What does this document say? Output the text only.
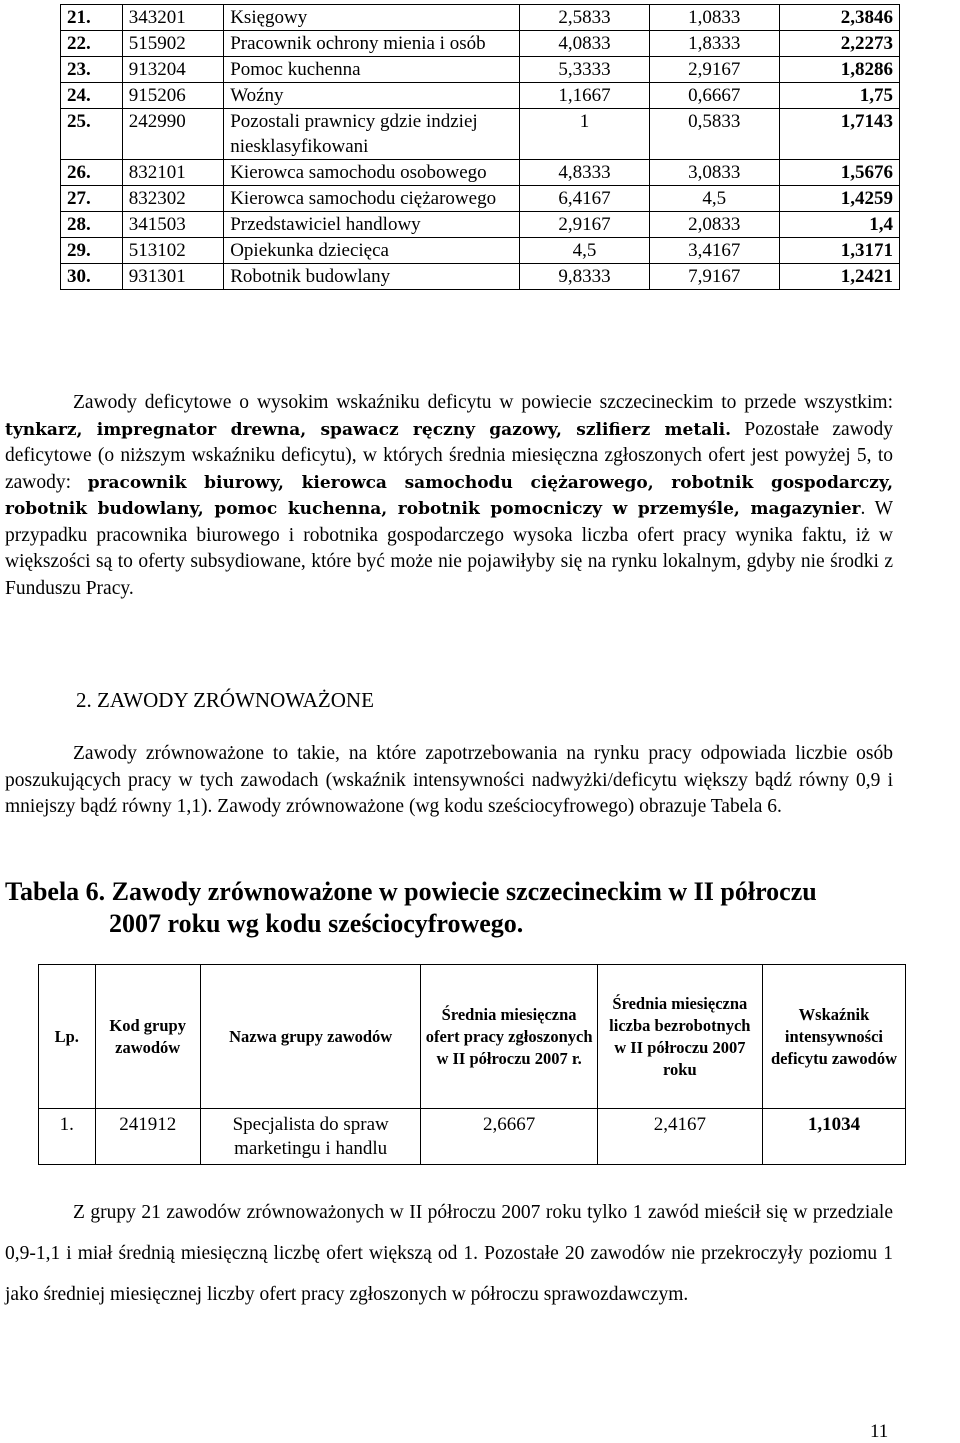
21.	343201	Księgowy	2,5833	1,0833	2,3846
22.	515902	Pracownik ochrony mienia i osób	4,0833	1,8333	2,2273
23.	913204	Pomoc kuchenna	5,3333	2,9167	1,8286
24.	915206	Woźny	1,1667	0,6667	1,75
25.	242990	Pozostali prawnicy gdzie indziej niesklasyfikowani	1	0,5833	1,7143
26.	832101	Kierowca samochodu osobowego	4,8333	3,0833	1,5676
27.	832302	Kierowca samochodu ciężarowego	6,4167	4,5	1,4259
28.	341503	Przedstawiciel handlowy	2,9167	2,0833	1,4
29.	513102	Opiekunka dziecięca	4,5	3,4167	1,3171
30.	931301	Robotnik budowlany	9,8333	7,9167	1,2421
Zawody deficytowe o wysokim wskaźniku deficytu w powiecie szczecineckim to przede wszystkim: tynkarz, impregnator drewna, spawacz ręczny gazowy, szlifierz metali. Pozostałe zawody deficytowe (o niższym wskaźniku deficytu), w których średnia miesięczna zgłoszonych ofert jest powyżej 5, to zawody: pracownik biurowy, kierowca samochodu ciężarowego, robotnik gospodarczy, robotnik budowlany, pomoc kuchenna, robotnik pomocniczy w przemyśle, magazynier. W przypadku pracownika biurowego i robotnika gospodarczego wysoka liczba ofert pracy wynika faktu, iż w większości są to oferty subsydiowane, które być może nie pojawiłyby się na rynku lokalnym, gdyby nie środki z Funduszu Pracy.
2. ZAWODY ZRÓWNOWAŻONE
Zawody zrównoważone to takie, na które zapotrzebowania na rynku pracy odpowiada liczbie osób poszukujących pracy w tych zawodach (wskaźnik intensywności nadwyżki/deficytu większy bądź równy 0,9 i mniejszy bądź równy 1,1). Zawody zrównoważone (wg kodu sześciocyfrowego) obrazuje Tabela 6.
Tabela 6. Zawody zrównoważone w powiecie szczecineckim w II półroczu
2007 roku wg kodu sześciocyfrowego.
Lp.	Kod grupy zawodów	Nazwa grupy zawodów	Średnia miesięczna ofert pracy zgłoszonych w II półroczu 2007 r.	Średnia miesięczna liczba bezrobotnych w II półroczu 2007 roku	Wskaźnik intensywności deficytu zawodów
1.	241912	Specjalista do spraw marketingu i handlu	2,6667	2,4167	1,1034
Z grupy 21 zawodów zrównoważonych w II półroczu 2007 roku tylko 1 zawód mieścił się w przedziale 0,9-1,1 i miał średnią miesięczną liczbę ofert większą od 1. Pozostałe 20 zawodów nie przekroczyły poziomu 1 jako średniej miesięcznej liczby ofert pracy zgłoszonych w półroczu sprawozdawczym.
11
